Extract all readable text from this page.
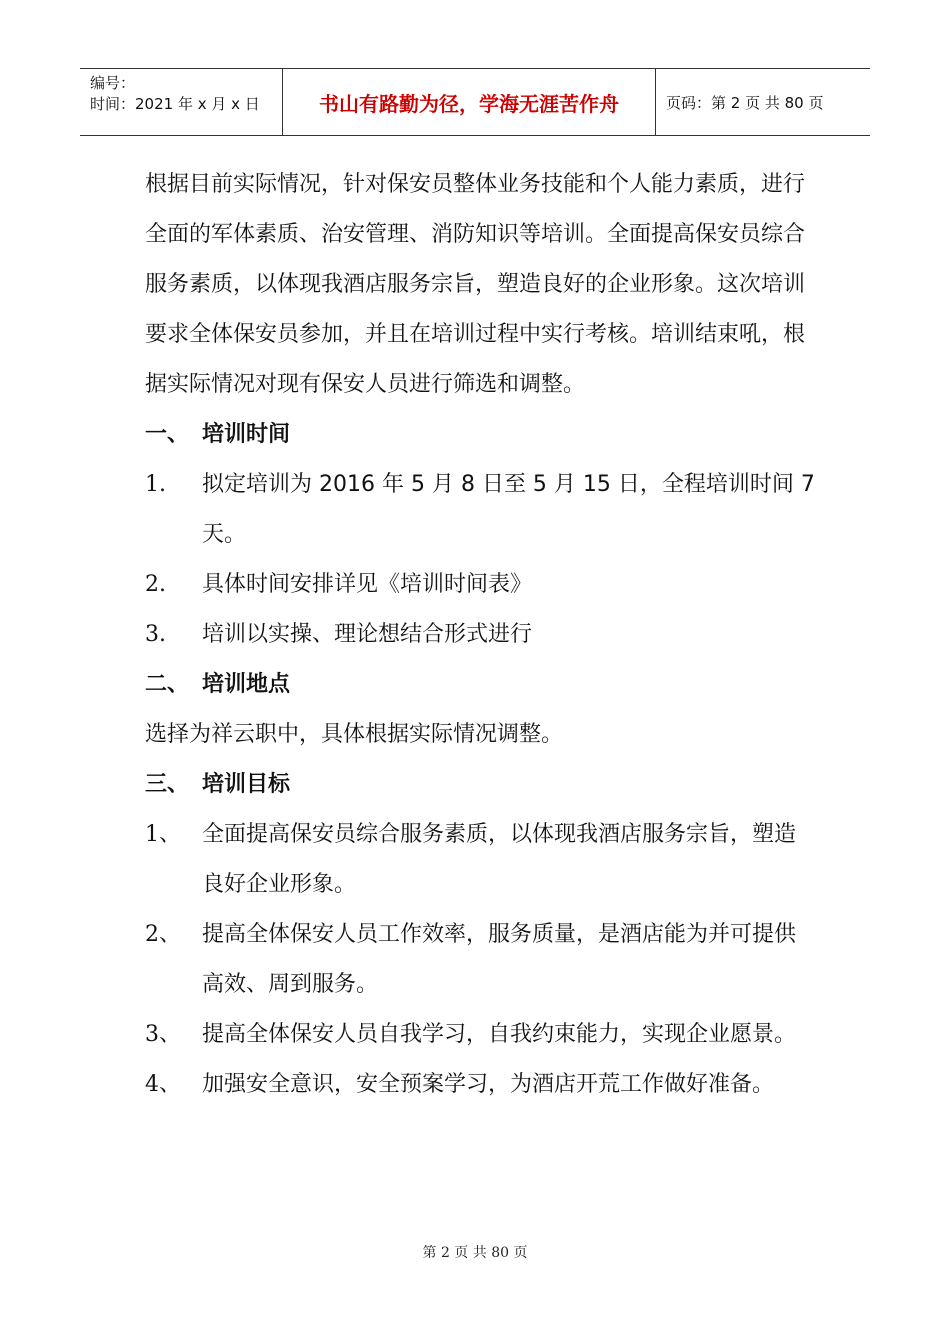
编号：
时间：2021 年 x 月 x 日	书山有路勤为径，学海无涯苦作舟	页码：第 2 页 共 80 页

根据目前实际情况，针对保安员整体业务技能和个人能力素质，进行全面的军体素质、治安管理、消防知识等培训。全面提高保安员综合服务素质，以体现我酒店服务宗旨，塑造良好的企业形象。这次培训要求全体保安员参加，并且在培训过程中实行考核。培训结束吼，根据实际情况对现有保安人员进行筛选和调整。

一、 培训时间
1.	拟定培训为 2016 年 5 月 8 日至 5 月 15 日，全程培训时间 7 天。
2.	具体时间安排详见《培训时间表》
3.	培训以实操、理论想结合形式进行
二、 培训地点

选择为祥云职中，具体根据实际情况调整。

三、 培训目标
1、 全面提高保安员综合服务素质，以体现我酒店服务宗旨，塑造良好企业形象。
2、 提高全体保安人员工作效率，服务质量，是酒店能为并可提供高效、周到服务。
3、 提高全体保安人员自我学习，自我约束能力，实现企业愿景。
4、 加强安全意识，安全预案学习，为酒店开荒工作做好准备。
第 2 页 共 80 页
